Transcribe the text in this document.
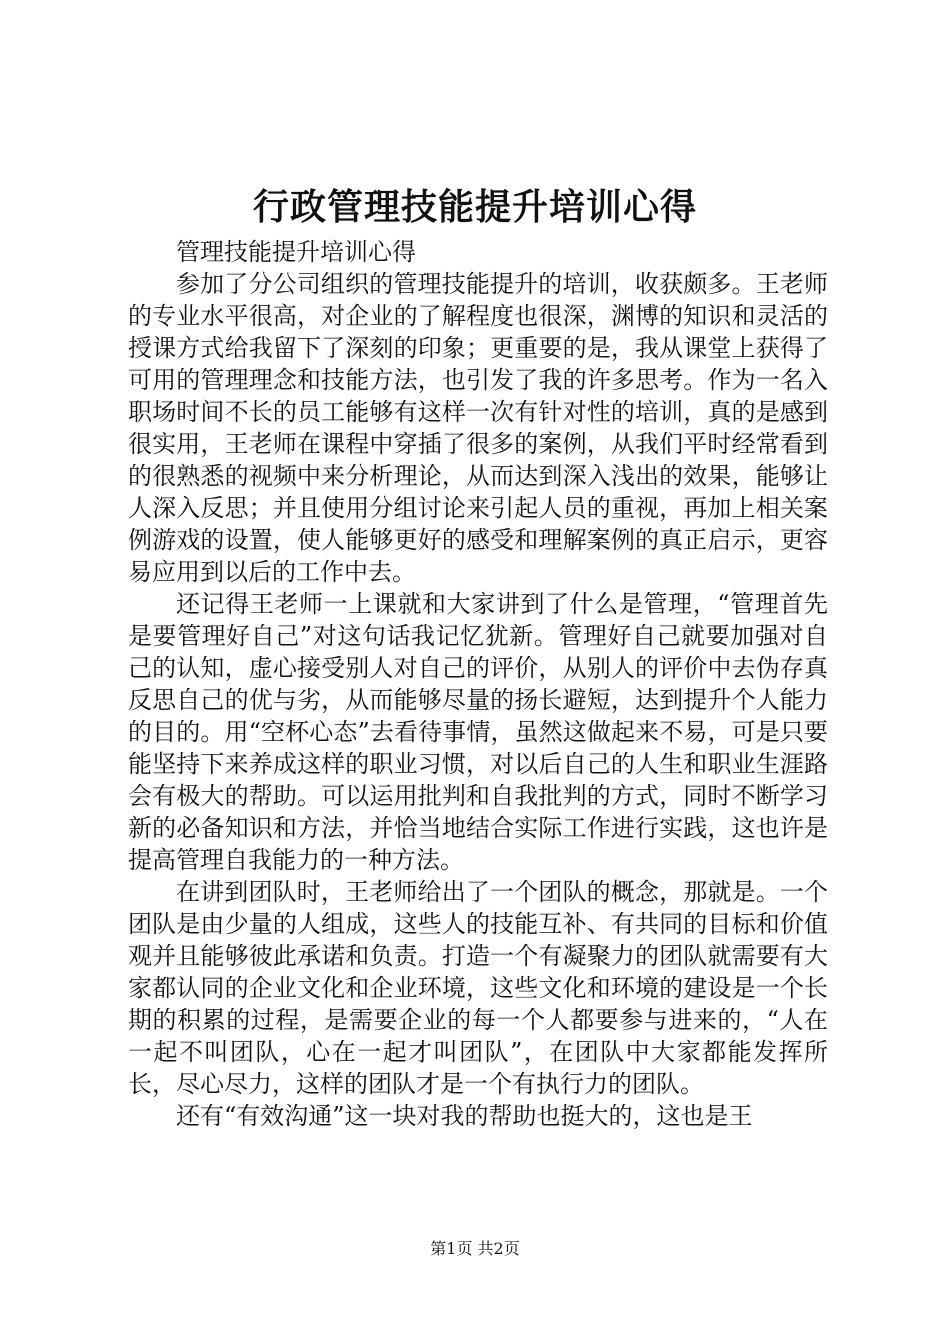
行政管理技能提升培训心得

管理技能提升培训心得

参加了分公司组织的管理技能提升的培训，收获颇多。王老师的专业水平很高，对企业的了解程度也很深，渊博的知识和灵活的授课方式给我留下了深刻的印象；更重要的是，我从课堂上获得了可用的管理理念和技能方法，也引发了我的许多思考。作为一名入职场时间不长的员工能够有这样一次有针对性的培训，真的是感到很实用，王老师在课程中穿插了很多的案例，从我们平时经常看到的很熟悉的视频中来分析理论，从而达到深入浅出的效果，能够让人深入反思；并且使用分组讨论来引起人员的重视，再加上相关案例游戏的设置，使人能够更好的感受和理解案例的真正启示，更容易应用到以后的工作中去。

还记得王老师一上课就和大家讲到了什么是管理，“管理首先是要管理好自己”对这句话我记忆犹新。管理好自己就要加强对自己的认知，虚心接受别人对自己的评价，从别人的评价中去伪存真反思自己的优与劣，从而能够尽量的扬长避短，达到提升个人能力的目的。用“空杯心态”去看待事情，虽然这做起来不易，可是只要能坚持下来养成这样的职业习惯，对以后自己的人生和职业生涯路会有极大的帮助。可以运用批判和自我批判的方式，同时不断学习新的必备知识和方法，并恰当地结合实际工作进行实践，这也许是提高管理自我能力的一种方法。

在讲到团队时，王老师给出了一个团队的概念，那就是。一个团队是由少量的人组成，这些人的技能互补、有共同的目标和价值观并且能够彼此承诺和负责。打造一个有凝聚力的团队就需要有大家都认同的企业文化和企业环境，这些文化和环境的建设是一个长期的积累的过程，是需要企业的每一个人都要参与进来的，“人在一起不叫团队，心在一起才叫团队”，在团队中大家都能发挥所长，尽心尽力，这样的团队才是一个有执行力的团队。

还有“有效沟通”这一块对我的帮助也挺大的，这也是王

第1页 共2页
